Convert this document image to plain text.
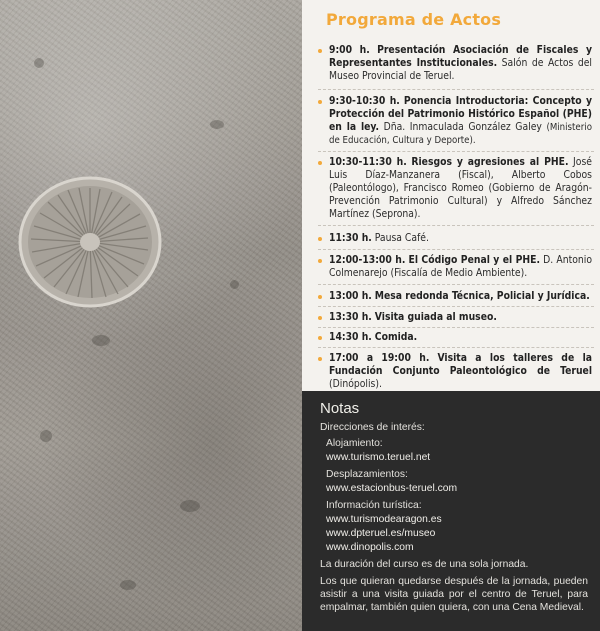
Programa de Actos
9:00 h. Presentación Asociación de Fiscales y Representantes Institucionales. Salón de Actos del Museo Provincial de Teruel.
9:30-10:30 h. Ponencia Introductoria: Concepto y Protección del Patrimonio Histórico Español (PHE) en la ley. Dña. Inmaculada González Galey (Ministerio de Educación, Cultura y Deporte).
10:30-11:30 h. Riesgos y agresiones al PHE. José Luis Díaz-Manzanera (Fiscal), Alberto Cobos (Paleontólogo), Francisco Romeo (Gobierno de Aragón- Prevención Patrimonio Cultural) y Alfredo Sánchez Martínez (Seprona).
11:30 h. Pausa Café.
12:00-13:00 h. El Código Penal y el PHE. D. Antonio Colmenarejo (Fiscalía de Medio Ambiente).
13:00 h. Mesa redonda Técnica, Policial y Jurídica.
13:30 h. Visita guiada al museo.
14:30 h. Comida.
17:00 a 19:00 h. Visita a los talleres de la Fundación Conjunto Paleontológico de Teruel (Dinópolis).
Notas
Direcciones de interés:
Alojamiento:
www.turismo.teruel.net
Desplazamientos:
www.estacionbus-teruel.com
Información turística:
www.turismodearagon.es
www.dpteruel.es/museo
www.dinopolis.com
La duración del curso es de una sola jornada.
Los que quieran quedarse después de la jornada, pueden asistir a una visita guiada por el centro de Teruel, para empalmar, también quien quiera, con una Cena Medieval.
